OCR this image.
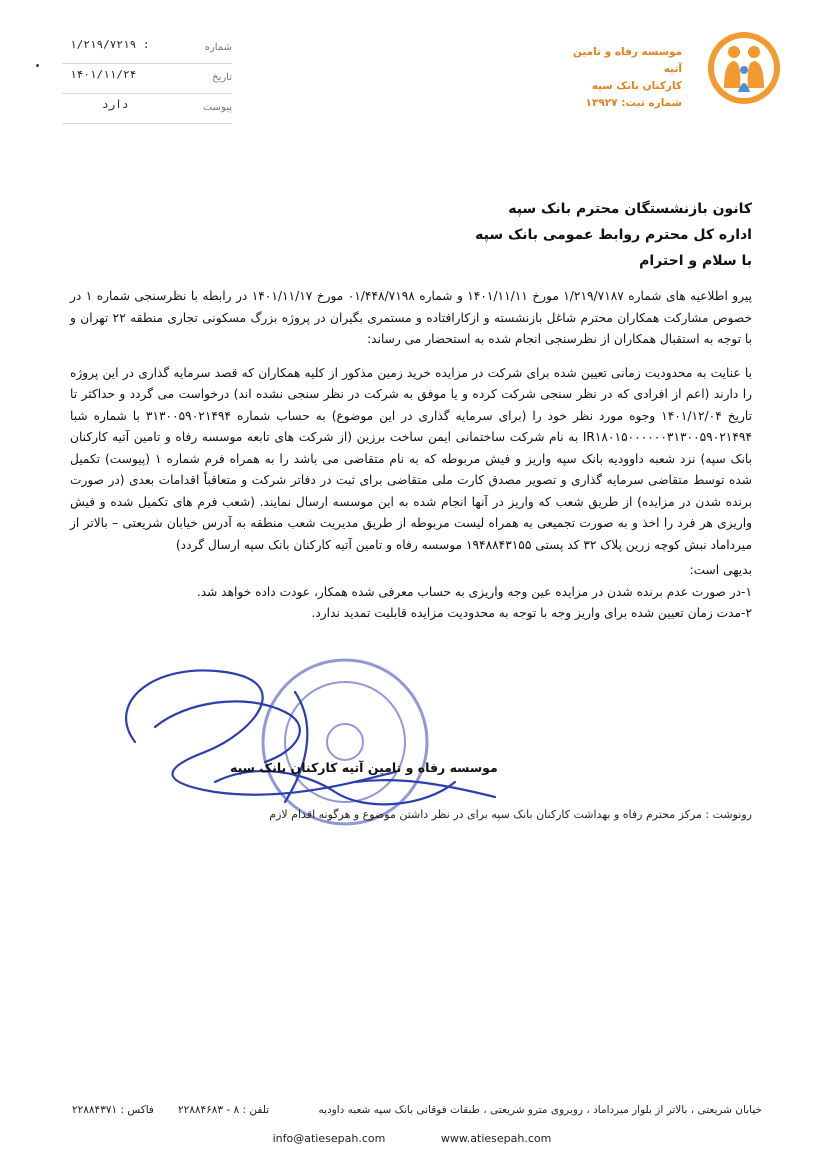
۱/۲۱۹/۷۲۱۹ :	شماره
۱۴۰۱/۱۱/۲۴	تاریخ
دارد	پیوست
موسسه رفاه و تامین آتیه
کارکنان بانک سپه
شماره ثبت: ۱۳۹۲۷

کانون بازنشستگان محترم بانک سپه

اداره کل محترم روابط عمومی بانک سپه

با سلام و احترام

پیرو اطلاعیه های شماره ۱/۲۱۹/۷۱۸۷ مورخ ۱۴۰۱/۱۱/۱۱ و شماره ۰۱/۴۴۸/۷۱۹۸ مورخ ۱۴۰۱/۱۱/۱۷ در رابطه با نظرسنجی شماره ۱ در خصوص مشارکت همکاران محترم شاغل بازنشسته و ازکارافتاده و مستمری بگیران در پروژه بزرگ مسکونی تجاری منطقه ۲۲ تهران و با توجه به استقبال همکاران از نظرسنجی انجام شده به استحضار می رساند:

با عنایت به محدودیت زمانی تعیین شده برای شرکت در مزایده خرید زمین مذکور از کلیه همکاران که قصد سرمایه گذاری در این پروژه را دارند (اعم از افرادی که در نظر سنجی شرکت کرده و یا موفق به شرکت در نظر سنجی نشده اند) درخواست می گردد و حداکثر تا تاریخ ۱۴۰۱/۱۲/۰۴ وجوه مورد نظر خود را (برای سرمایه گذاری در این موضوع) به حساب شماره ۳۱۳۰۰۵۹۰۲۱۴۹۴ با شماره شبا IR۱۸۰۱۵۰۰۰۰۰۰۳۱۳۰۰۵۹۰۲۱۴۹۴ به نام شرکت ساختمانی ایمن ساخت برزین (از شرکت های تابعه موسسه رفاه و تامین آتیه کارکنان بانک سپه) نزد شعبه داوودیه بانک سپه واریز و فیش مربوطه که به نام متقاضی می باشد را به همراه فرم شماره ۱ (پیوست) تکمیل شده توسط متقاضی سرمایه گذاری و تصویر مصدق کارت ملی متقاضی برای ثبت در دفاتر شرکت و متعاقباً اقدامات بعدی (در صورت برنده شدن در مزایده) از طریق شعب که واریز در آنها انجام شده به این موسسه ارسال نمایند. (شعب فرم های تکمیل شده و فیش واریزی هر فرد را اخذ و به صورت تجمیعی به همراه لیست مربوطه از طریق مدیریت شعب منطقه به آدرس خیابان شریعتی – بالاتر از میرداماد نبش کوچه زرین پلاک ۳۲ کد پستی ۱۹۴۸۸۴۳۱۵۵ موسسه رفاه و تامین آتیه کارکنان بانک سپه ارسال گردد)

بدیهی است:

۱-در صورت عدم برنده شدن در مزایده عین وجه واریزی به حساب معرفی شده همکار، عودت داده خواهد شد.

۲-مدت زمان تعیین شده برای واریز وجه با توجه به محدودیت مزایده قابلیت تمدید ندارد.

موسسه رفاه و تامین آتیه کارکنان بانک سپه
رونوشت : مرکز محترم رفاه و بهداشت کارکنان بانک سپه برای در نظر داشتن موضوع و هرگونه اقدام لازم
فاکس : ۲۲۸۸۴۳۷۱ تلفن : ۸ - ۲۲۸۸۴۶۸۳	خیابان شریعتی ، بالاتر از بلوار میرداماد ، روبروی مترو شریعتی ، طبقات فوقانی بانک سپه شعبه داودیه
info@atiesepah.com	www.atiesepah.com
